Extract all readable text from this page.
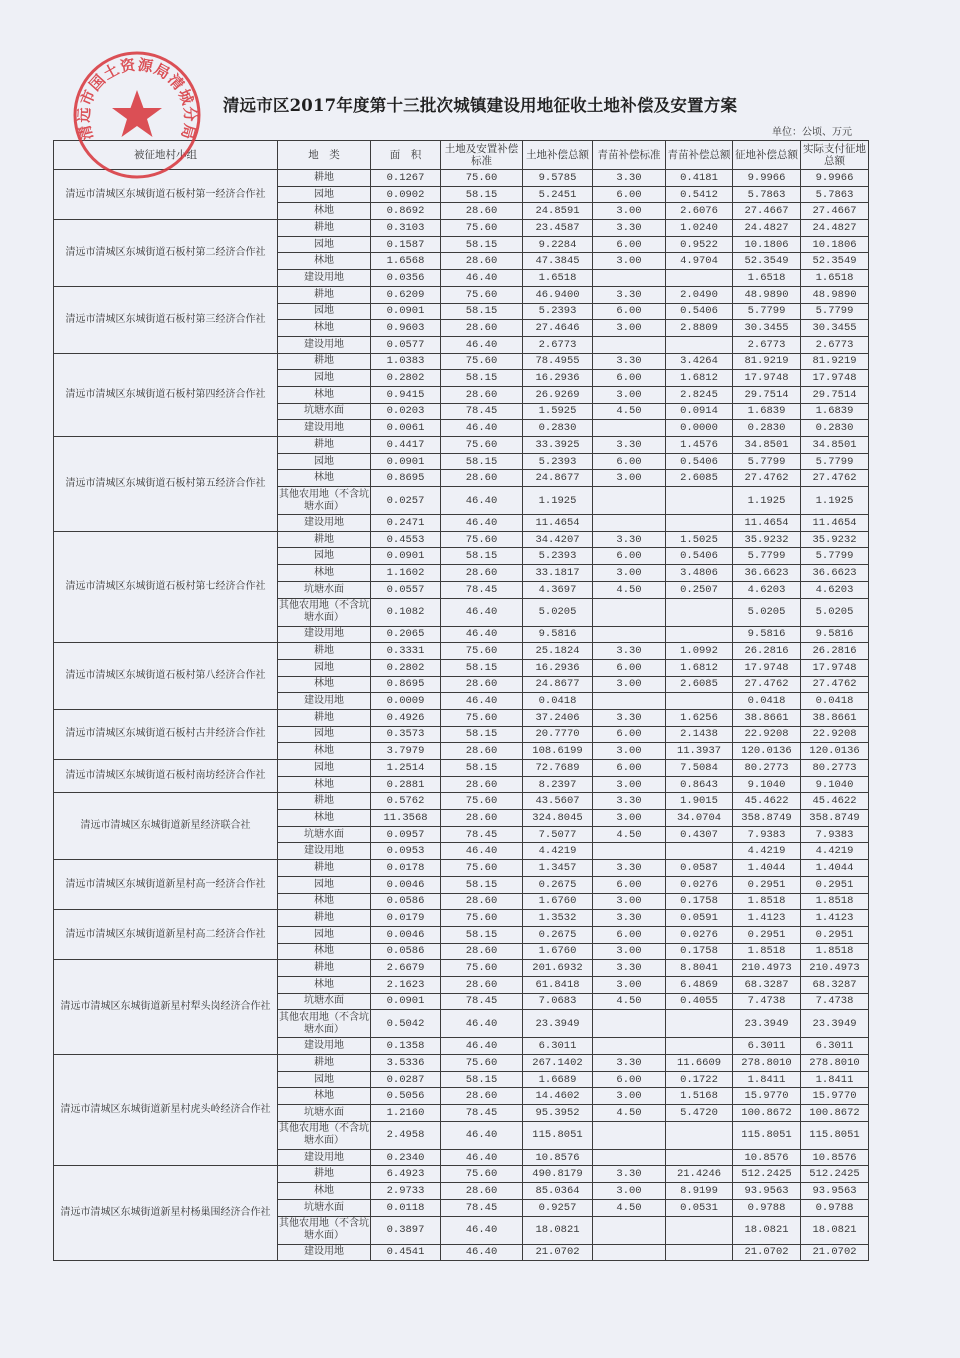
清远市区2017年度第十三批次城镇建设用地征收土地补偿及安置方案
单位：公顷、万元
被征地村小组	地　类	面　积	土地及安置补偿标准	土地补偿总额	青苗补偿标准	青苗补偿总额	征地补偿总额	实际支付征地总额
清远市清城区东城街道石板村第一经济合作社	耕地	0.1267	75.60	9.5785	3.30	0.4181	9.9966	9.9966
	园地	0.0902	58.15	5.2451	6.00	0.5412	5.7863	5.7863
	林地	0.8692	28.60	24.8591	3.00	2.6076	27.4667	27.4667
清远市清城区东城街道石板村第二经济合作社	耕地	0.3103	75.60	23.4587	3.30	1.0240	24.4827	24.4827
	园地	0.1587	58.15	9.2284	6.00	0.9522	10.1806	10.1806
	林地	1.6568	28.60	47.3845	3.00	4.9704	52.3549	52.3549
	建设用地	0.0356	46.40	1.6518			1.6518	1.6518
清远市清城区东城街道石板村第三经济合作社	耕地	0.6209	75.60	46.9400	3.30	2.0490	48.9890	48.9890
	园地	0.0901	58.15	5.2393	6.00	0.5406	5.7799	5.7799
	林地	0.9603	28.60	27.4646	3.00	2.8809	30.3455	30.3455
	建设用地	0.0577	46.40	2.6773			2.6773	2.6773
清远市清城区东城街道石板村第四经济合作社	耕地	1.0383	75.60	78.4955	3.30	3.4264	81.9219	81.9219
	园地	0.2802	58.15	16.2936	6.00	1.6812	17.9748	17.9748
	林地	0.9415	28.60	26.9269	3.00	2.8245	29.7514	29.7514
	坑塘水面	0.0203	78.45	1.5925	4.50	0.0914	1.6839	1.6839
	建设用地	0.0061	46.40	0.2830		0.0000	0.2830	0.2830
清远市清城区东城街道石板村第五经济合作社	耕地	0.4417	75.60	33.3925	3.30	1.4576	34.8501	34.8501
	园地	0.0901	58.15	5.2393	6.00	0.5406	5.7799	5.7799
	林地	0.8695	28.60	24.8677	3.00	2.6085	27.4762	27.4762
	其他农用地（不含坑塘水面）	0.0257	46.40	1.1925			1.1925	1.1925
	建设用地	0.2471	46.40	11.4654			11.4654	11.4654
清远市清城区东城街道石板村第七经济合作社	耕地	0.4553	75.60	34.4207	3.30	1.5025	35.9232	35.9232
	园地	0.0901	58.15	5.2393	6.00	0.5406	5.7799	5.7799
	林地	1.1602	28.60	33.1817	3.00	3.4806	36.6623	36.6623
	坑塘水面	0.0557	78.45	4.3697	4.50	0.2507	4.6203	4.6203
	其他农用地（不含坑塘水面）	0.1082	46.40	5.0205			5.0205	5.0205
	建设用地	0.2065	46.40	9.5816			9.5816	9.5816
清远市清城区东城街道石板村第八经济合作社	耕地	0.3331	75.60	25.1824	3.30	1.0992	26.2816	26.2816
	园地	0.2802	58.15	16.2936	6.00	1.6812	17.9748	17.9748
	林地	0.8695	28.60	24.8677	3.00	2.6085	27.4762	27.4762
	建设用地	0.0009	46.40	0.0418			0.0418	0.0418
清远市清城区东城街道石板村古井经济合作社	耕地	0.4926	75.60	37.2406	3.30	1.6256	38.8661	38.8661
	园地	0.3573	58.15	20.7770	6.00	2.1438	22.9208	22.9208
	林地	3.7979	28.60	108.6199	3.00	11.3937	120.0136	120.0136
清远市清城区东城街道石板村南坊经济合作社	园地	1.2514	58.15	72.7689	6.00	7.5084	80.2773	80.2773
	林地	0.2881	28.60	8.2397	3.00	0.8643	9.1040	9.1040
清远市清城区东城街道新星经济联合社	耕地	0.5762	75.60	43.5607	3.30	1.9015	45.4622	45.4622
	林地	11.3568	28.60	324.8045	3.00	34.0704	358.8749	358.8749
	坑塘水面	0.0957	78.45	7.5077	4.50	0.4307	7.9383	7.9383
	建设用地	0.0953	46.40	4.4219			4.4219	4.4219
清远市清城区东城街道新星村高一经济合作社	耕地	0.0178	75.60	1.3457	3.30	0.0587	1.4044	1.4044
	园地	0.0046	58.15	0.2675	6.00	0.0276	0.2951	0.2951
	林地	0.0586	28.60	1.6760	3.00	0.1758	1.8518	1.8518
清远市清城区东城街道新星村高二经济合作社	耕地	0.0179	75.60	1.3532	3.30	0.0591	1.4123	1.4123
	园地	0.0046	58.15	0.2675	6.00	0.0276	0.2951	0.2951
	林地	0.0586	28.60	1.6760	3.00	0.1758	1.8518	1.8518
清远市清城区东城街道新星村犁头岗经济合作社	耕地	2.6679	75.60	201.6932	3.30	8.8041	210.4973	210.4973
	林地	2.1623	28.60	61.8418	3.00	6.4869	68.3287	68.3287
	坑塘水面	0.0901	78.45	7.0683	4.50	0.4055	7.4738	7.4738
	其他农用地（不含坑塘水面）	0.5042	46.40	23.3949			23.3949	23.3949
	建设用地	0.1358	46.40	6.3011			6.3011	6.3011
清远市清城区东城街道新星村虎头岭经济合作社	耕地	3.5336	75.60	267.1402	3.30	11.6609	278.8010	278.8010
	园地	0.0287	58.15	1.6689	6.00	0.1722	1.8411	1.8411
	林地	0.5056	28.60	14.4602	3.00	1.5168	15.9770	15.9770
	坑塘水面	1.2160	78.45	95.3952	4.50	5.4720	100.8672	100.8672
	其他农用地（不含坑塘水面）	2.4958	46.40	115.8051			115.8051	115.8051
	建设用地	0.2340	46.40	10.8576			10.8576	10.8576
清远市清城区东城街道新星村杨巢围经济合作社	耕地	6.4923	75.60	490.8179	3.30	21.4246	512.2425	512.2425
	林地	2.9733	28.60	85.0364	3.00	8.9199	93.9563	93.9563
	坑塘水面	0.0118	78.45	0.9257	4.50	0.0531	0.9788	0.9788
	其他农用地（不含坑塘水面）	0.3897	46.40	18.0821			18.0821	18.0821
	建设用地	0.4541	46.40	21.0702			21.0702	21.0702
清远市国土资源局清城分局
